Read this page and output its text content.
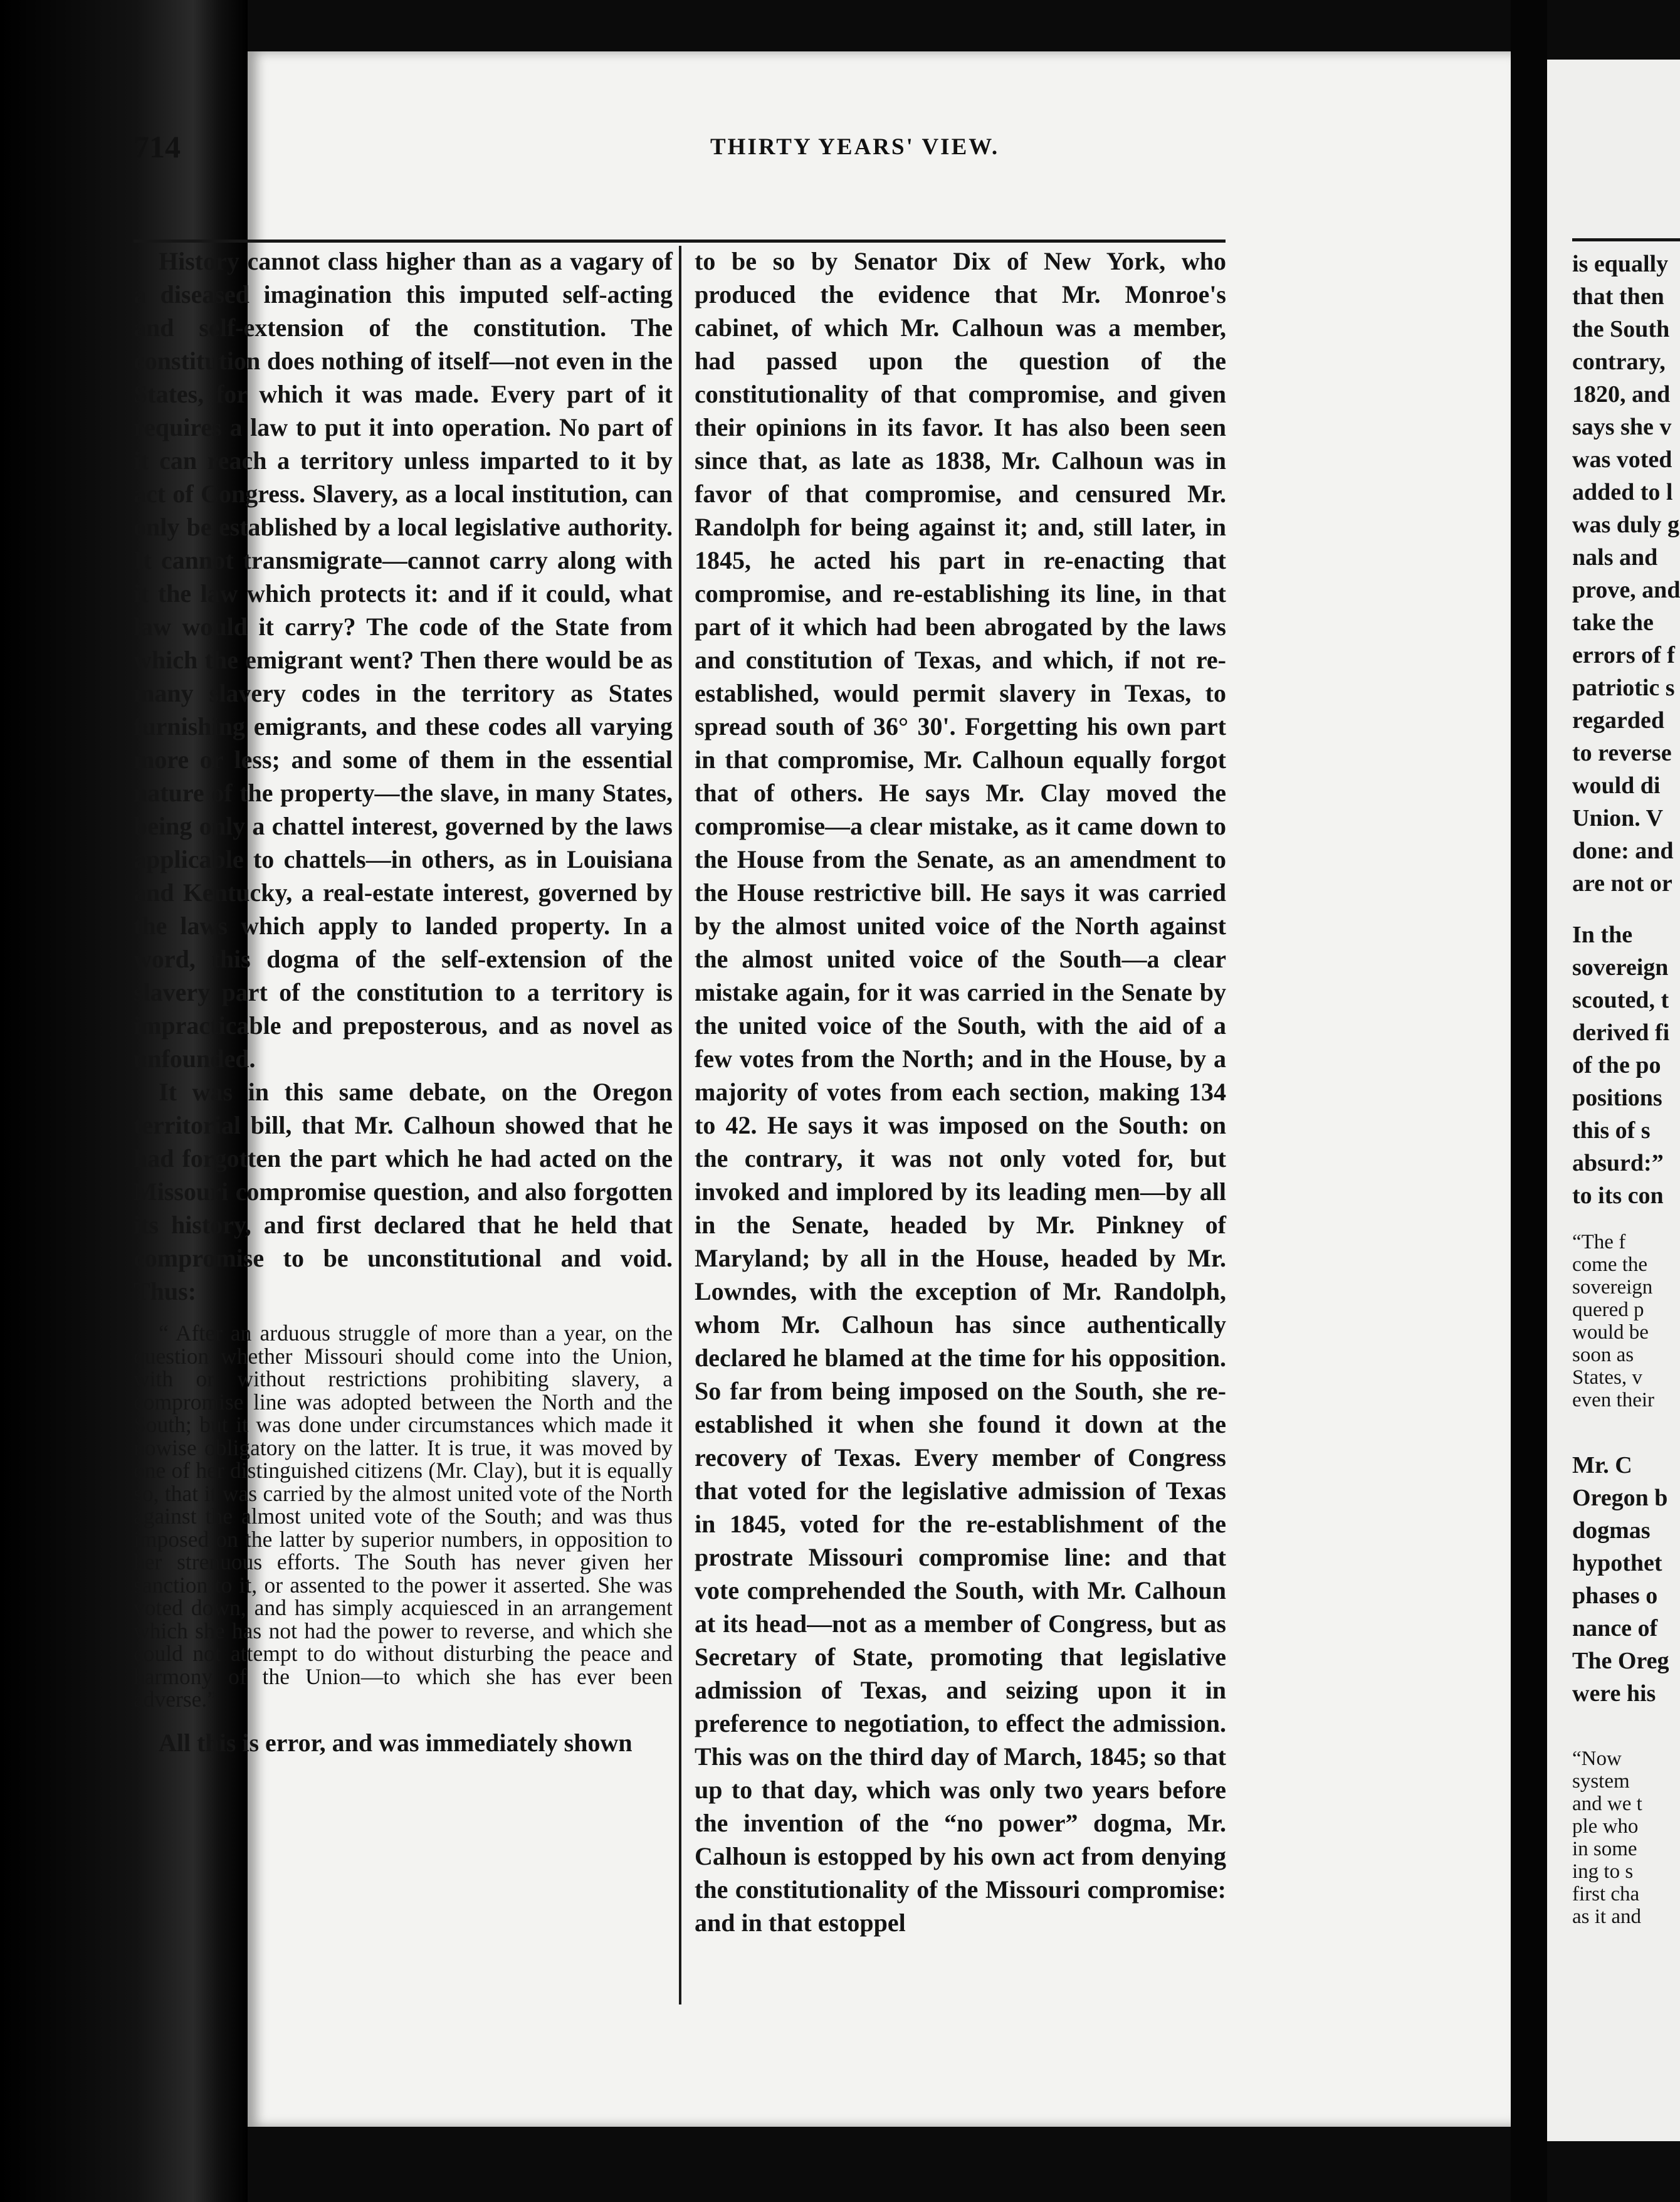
714	THIRTY YEARS' VIEW.

History cannot class higher than as a vagary of a diseased imagination this imputed self-acting and self-extension of the constitution. The constitution does nothing of itself—not even in the States, for which it was made. Every part of it requires a law to put it into operation. No part of it can reach a territory unless imparted to it by act of Congress. Slavery, as a local institution, can only be established by a local legislative authority. It cannot transmigrate—cannot carry along with it the law which protects it: and if it could, what law would it carry? The code of the State from which the emigrant went? Then there would be as many slavery codes in the territory as States furnishing emigrants, and these codes all varying more or less; and some of them in the essential nature of the property—the slave, in many States, being only a chattel interest, governed by the laws applicable to chattels—in others, as in Louisiana and Kentucky, a real-estate interest, governed by the laws which apply to landed property. In a word, this dogma of the self-extension of the slavery part of the constitution to a territory is impracticable and preposterous, and as novel as unfounded.

It was in this same debate, on the Oregon territorial bill, that Mr. Calhoun showed that he had forgotten the part which he had acted on the Missouri compromise question, and also forgotten its history, and first declared that he held that compromise to be unconstitutional and void. Thus:

“ After an arduous struggle of more than a year, on the question whether Missouri should come into the Union, with or without restrictions prohibiting slavery, a compromise line was adopted between the North and the South; but it was done under circumstances which made it nowise obligatory on the latter. It is true, it was moved by one of her distinguished citizens (Mr. Clay), but it is equally so, that it was carried by the almost united vote of the North against the almost united vote of the South; and was thus imposed on the latter by superior numbers, in opposition to her strenuous efforts. The South has never given her sanction to it, or assented to the power it asserted. She was voted down, and has simply acquiesced in an arrangement which she has not had the power to reverse, and which she could not attempt to do without disturbing the peace and harmony of the Union—to which she has ever been adverse.”

All this is error, and was immediately shown

to be so by Senator Dix of New York, who produced the evidence that Mr. Monroe's cabinet, of which Mr. Calhoun was a member, had passed upon the question of the constitutionality of that compromise, and given their opinions in its favor. It has also been seen since that, as late as 1838, Mr. Calhoun was in favor of that compromise, and censured Mr. Randolph for being against it; and, still later, in 1845, he acted his part in re-enacting that compromise, and re-establishing its line, in that part of it which had been abrogated by the laws and constitution of Texas, and which, if not re-established, would permit slavery in Texas, to spread south of 36° 30'. Forgetting his own part in that compromise, Mr. Calhoun equally forgot that of others. He says Mr. Clay moved the compromise—a clear mistake, as it came down to the House from the Senate, as an amendment to the House restrictive bill. He says it was carried by the almost united voice of the North against the almost united voice of the South—a clear mistake again, for it was carried in the Senate by the united voice of the South, with the aid of a few votes from the North; and in the House, by a majority of votes from each section, making 134 to 42. He says it was imposed on the South: on the contrary, it was not only voted for, but invoked and implored by its leading men—by all in the Senate, headed by Mr. Pinkney of Maryland; by all in the House, headed by Mr. Lowndes, with the exception of Mr. Randolph, whom Mr. Calhoun has since authentically declared he blamed at the time for his opposition. So far from being imposed on the South, she re-established it when she found it down at the recovery of Texas. Every member of Congress that voted for the legislative admission of Texas in 1845, voted for the re-establishment of the prostrate Missouri compromise line: and that vote comprehended the South, with Mr. Calhoun at its head—not as a member of Congress, but as Secretary of State, promoting that legislative admission of Texas, and seizing upon it in preference to negotiation, to effect the admission. This was on the third day of March, 1845; so that up to that day, which was only two years before the invention of the “no power” dogma, Mr. Calhoun is estopped by his own act from denying the constitutionality of the Missouri compromise: and in that estoppel

is equally
that then
the South
contrary,
1820, and
says she v
was voted
added to l
was duly g
nals and
prove, and
take the
errors of f
patriotic s
regarded
to reverse
would di
Union. V
done: and
are not or
In the
sovereign
scouted, t
derived fi
of the po
positions
this of s
absurd:”
to its con
“The f
come the
sovereign
quered p
would be
soon as
States, v
even their
Mr. C
Oregon b
dogmas
hypothet
phases o
nance of
The Oreg
were his
“Now
system
and we t
ple who
in some
ing to s
first cha
as it and
